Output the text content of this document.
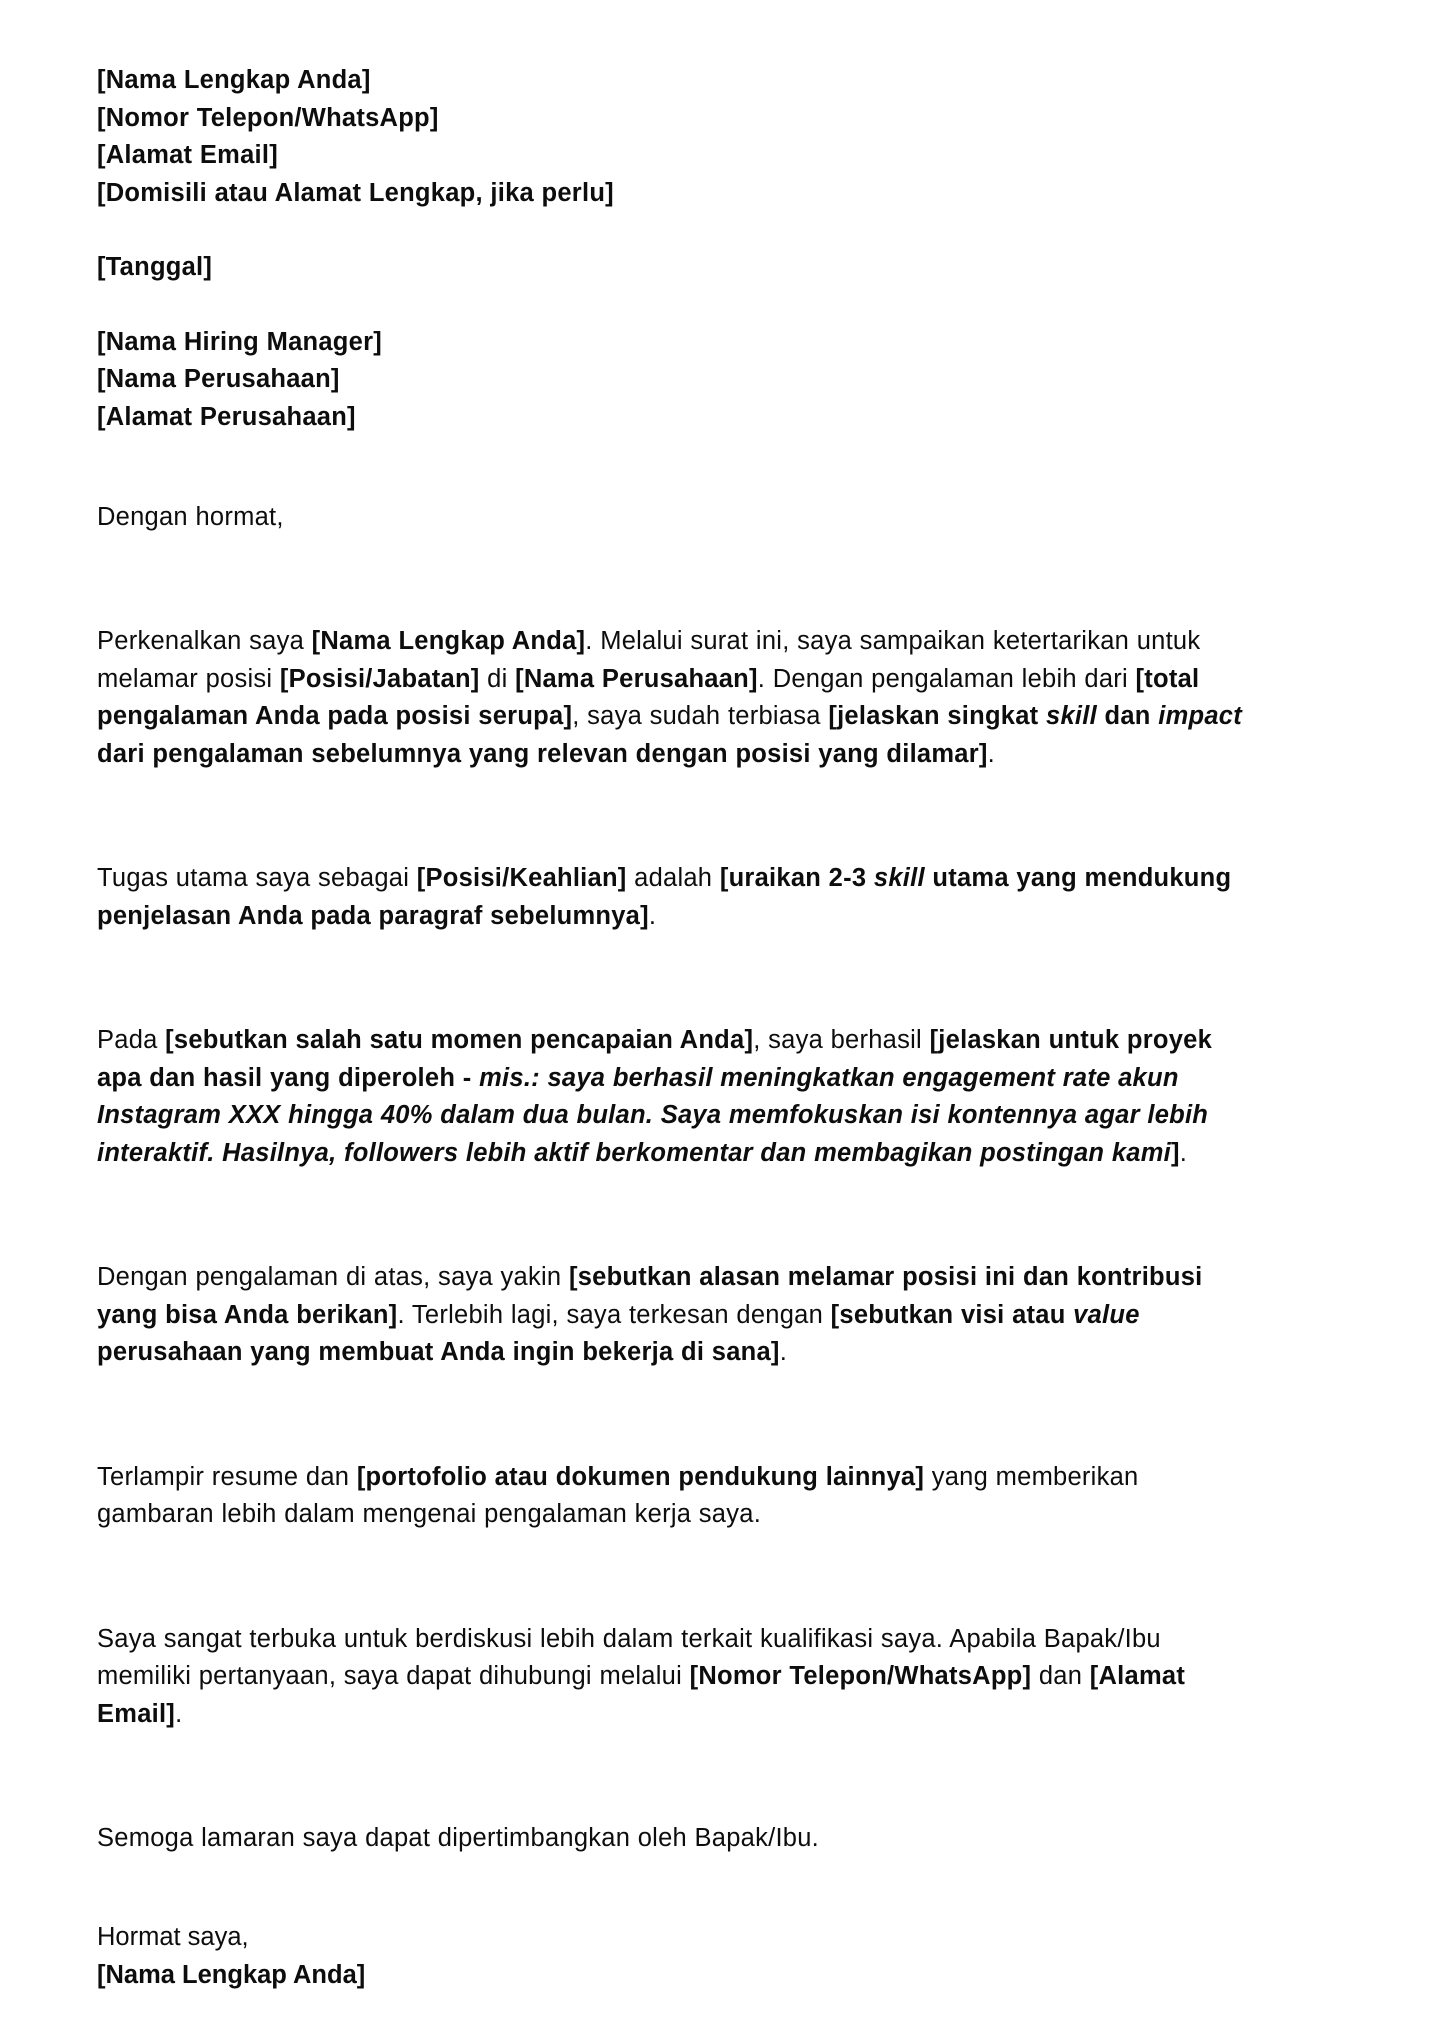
[Nama Lengkap Anda]
[Nomor Telepon/WhatsApp]
[Alamat Email]
[Domisili atau Alamat Lengkap, jika perlu]
[Tanggal]
[Nama Hiring Manager]
[Nama Perusahaan]
[Alamat Perusahaan]

Dengan hormat,

Perkenalkan saya [Nama Lengkap Anda]. Melalui surat ini, saya sampaikan ketertarikan untuk melamar posisi [Posisi/Jabatan] di [Nama Perusahaan]. Dengan pengalaman lebih dari [total pengalaman Anda pada posisi serupa], saya sudah terbiasa [jelaskan singkat skill dan impact dari pengalaman sebelumnya yang relevan dengan posisi yang dilamar].

Tugas utama saya sebagai [Posisi/Keahlian] adalah [uraikan 2-3 skill utama yang mendukung penjelasan Anda pada paragraf sebelumnya].

Pada [sebutkan salah satu momen pencapaian Anda], saya berhasil [jelaskan untuk proyek apa dan hasil yang diperoleh - mis.: saya berhasil meningkatkan engagement rate akun Instagram XXX hingga 40% dalam dua bulan. Saya memfokuskan isi kontennya agar lebih interaktif. Hasilnya, followers lebih aktif berkomentar dan membagikan postingan kami].

Dengan pengalaman di atas, saya yakin [sebutkan alasan melamar posisi ini dan kontribusi yang bisa Anda berikan]. Terlebih lagi, saya terkesan dengan [sebutkan visi atau value perusahaan yang membuat Anda ingin bekerja di sana].

Terlampir resume dan [portofolio atau dokumen pendukung lainnya] yang memberikan gambaran lebih dalam mengenai pengalaman kerja saya.

Saya sangat terbuka untuk berdiskusi lebih dalam terkait kualifikasi saya. Apabila Bapak/Ibu memiliki pertanyaan, saya dapat dihubungi melalui [Nomor Telepon/WhatsApp] dan [Alamat Email].

Semoga lamaran saya dapat dipertimbangkan oleh Bapak/Ibu.

Hormat saya,
[Nama Lengkap Anda]
